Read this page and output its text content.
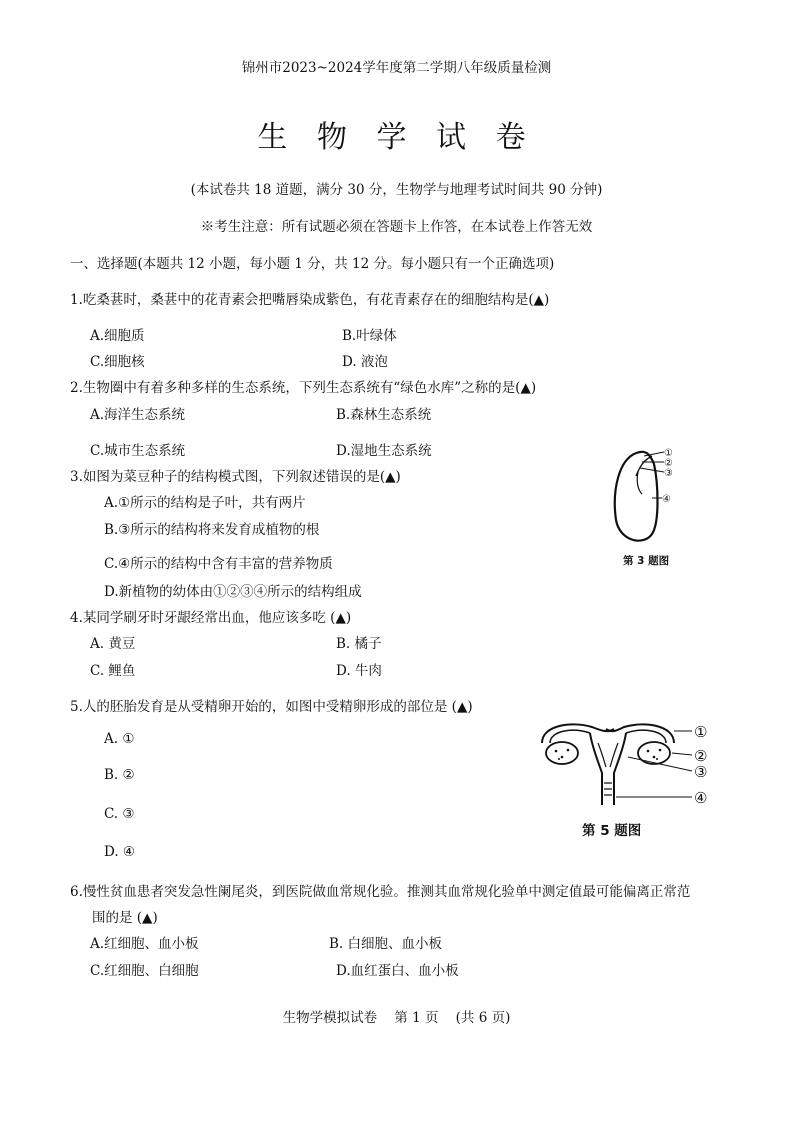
锦州市2023~2024学年度第二学期八年级质量检测
生 物 学 试 卷
(本试卷共 18 道题，满分 30 分，生物学与地理考试时间共 90 分钟)
※考生注意：所有试题必须在答题卡上作答，在本试卷上作答无效
一、选择题(本题共 12 小题，每小题 1 分，共 12 分。每小题只有一个正确选项)
1.吃桑葚时，桑葚中的花青素会把嘴唇染成紫色，有花青素存在的细胞结构是(▲)
A.细胞质	B.叶绿体
C.细胞核	D. 液泡
2.生物圈中有着多种多样的生态系统，下列生态系统有“绿色水库”之称的是(▲)
A.海洋生态系统	B.森林生态系统
C.城市生态系统	D.湿地生态系统
3.如图为菜豆种子的结构模式图，下列叙述错误的是(▲)
A.①所示的结构是子叶，共有两片
B.③所示的结构将来发育成植物的根
C.④所示的结构中含有丰富的营养物质
D.新植物的幼体由①②③④所示的结构组成
①
②
③
④
第 3 题图
4.某同学刷牙时牙龈经常出血，他应该多吃 (▲)
A. 黄豆	B. 橘子
C. 鲤鱼	D. 牛肉
5.人的胚胎发育是从受精卵开始的，如图中受精卵形成的部位是 (▲)
A. ①
B. ②
C. ③
D. ④
①
②
③
④
第 5 题图
6.慢性贫血患者突发急性阑尾炎，到医院做血常规化验。推测其血常规化验单中测定值最可能偏离正常范
围的是 (▲)
A.红细胞、血小板	B. 白细胞、血小板
C.红细胞、白细胞	D.血红蛋白、血小板
生物学模拟试卷    第 1 页    (共 6 页)
